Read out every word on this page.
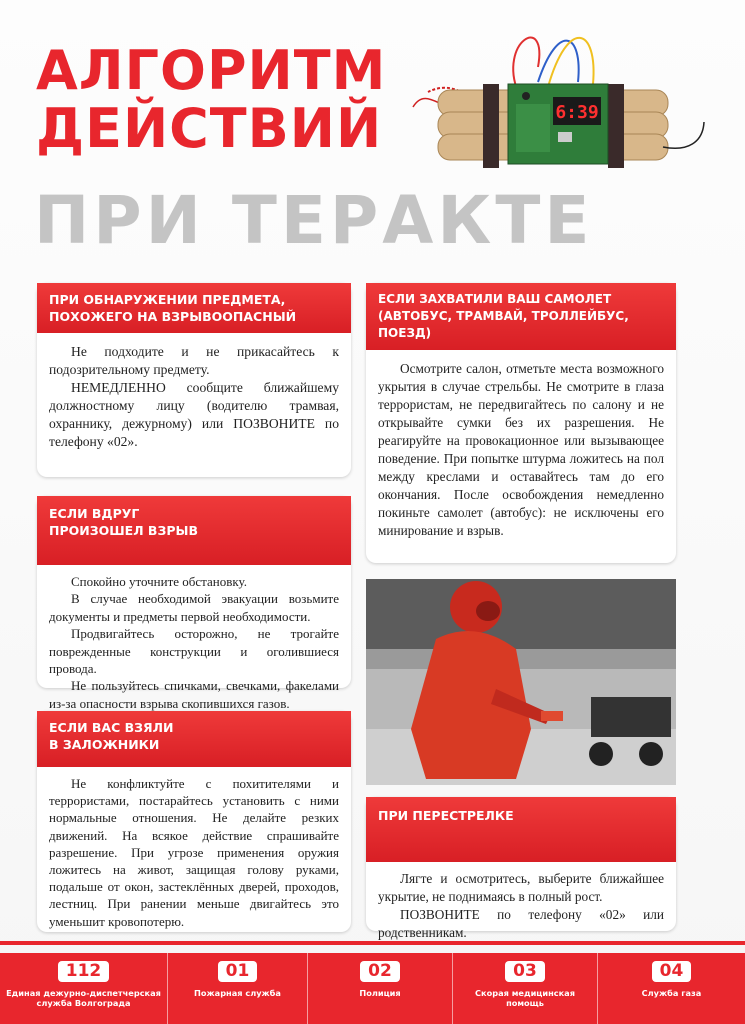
АЛГОРИТМ
ДЕЙСТВИЙ	6:39
ПРИ ТЕРАКТЕ
ПРИ ОБНАРУЖЕНИИ ПРЕДМЕТА,
ПОХОЖЕГО НА ВЗРЫВООПАСНЫЙ

Не подходите и не прикасайтесь к подозрительному предмету.

НЕМЕДЛЕННО сообщите ближайшему должностному лицу (водителю трамвая, охраннику, дежурному) или ПОЗВОНИТЕ по телефону «02».

ЕСЛИ ВДРУГ
ПРОИЗОШЕЛ ВЗРЫВ

Спокойно уточните обстановку.

В случае необходимой эвакуации возьмите документы и предметы первой необходимости.

Продвигайтесь осторожно, не трогайте поврежденные конструкции и оголившиеся провода.

Не пользуйтесь спичками, свечками, факелами из-за опасности взрыва скопившихся газов.

ЕСЛИ ВАС ВЗЯЛИ
В ЗАЛОЖНИКИ

Не конфликтуйте с похитителями и террористами, постарайтесь установить с ними нормальные отношения. Не делайте резких движений. На всякое действие спрашивайте разрешение. При угрозе применения оружия ложитесь на живот, защищая голову руками, подальше от окон, застеклённых дверей, проходов, лестниц. При ранении меньше двигайтесь это уменьшит кровопотерю.

ЕСЛИ ЗАХВАТИЛИ ВАШ САМОЛЕТ
(АВТОБУС, ТРАМВАЙ, ТРОЛЛЕЙБУС,
ПОЕЗД)

Осмотрите салон, отметьте места возможного укрытия в случае стрельбы. Не смотрите в глаза террористам, не передвигайтесь по салону и не открывайте сумки без их разрешения. Не реагируйте на провокационное или вызывающее поведение. При попытке штурма ложитесь на пол между креслами и оставайтесь там до его окончания. После освобождения немедленно покиньте самолет (автобус): не исключены его минирование и взрыв.

ПРИ ПЕРЕСТРЕЛКЕ

Лягте и осмотритесь, выберите ближайшее укрытие, не поднимаясь в полный рост.

ПОЗВОНИТЕ по телефону «02» или родственникам.

112
Единая дежурно-диспетчерская
служба Волгограда
01
Пожарная служба
02
Полиция
03
Скорая медицинская
помощь
04
Служба газа
